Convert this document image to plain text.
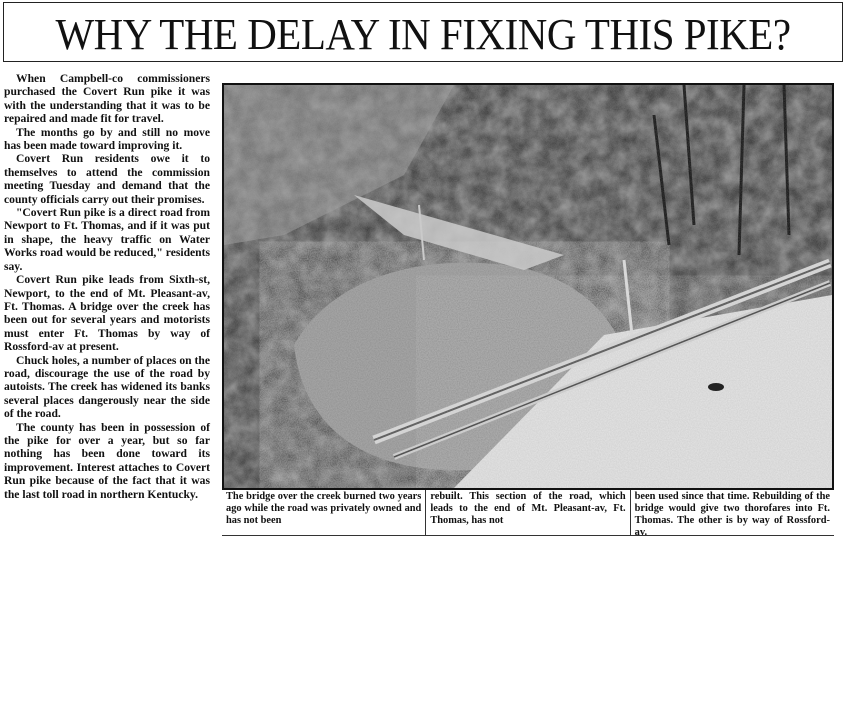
WHY THE DELAY IN FIXING THIS PIKE?

When Campbell-co commissioners purchased the Covert Run pike it was with the understanding that it was to be repaired and made fit for travel.

The months go by and still no move has been made toward improving it.

Covert Run residents owe it to themselves to attend the commission meeting Tuesday and demand that the county officials carry out their promises.

"Covert Run pike is a direct road from Newport to Ft. Thomas, and if it was put in shape, the heavy traffic on Water Works road would be reduced," residents say.

Covert Run pike leads from Sixth-st, Newport, to the end of Mt. Pleasant-av, Ft. Thomas. A bridge over the creek has been out for several years and motorists must enter Ft. Thomas by way of Rossford-av at present.

Chuck holes, a number of places on the road, discourage the use of the road by autoists. The creek has widened its banks several places dangerously near the side of the road.

The county has been in possession of the pike for over a year, but so far nothing has been done toward its improvement. Interest attaches to Covert Run pike because of the fact that it was the last toll road in northern Kentucky.	The bridge over the creek burned two years ago while the road was privately owned and has not been
rebuilt. This section of the road, which leads to the end of Mt. Pleasant-av, Ft. Thomas, has not
been used since that time. Rebuilding of the bridge would give two thorofares into Ft. Thomas. The other is by way of Rossford-av.
